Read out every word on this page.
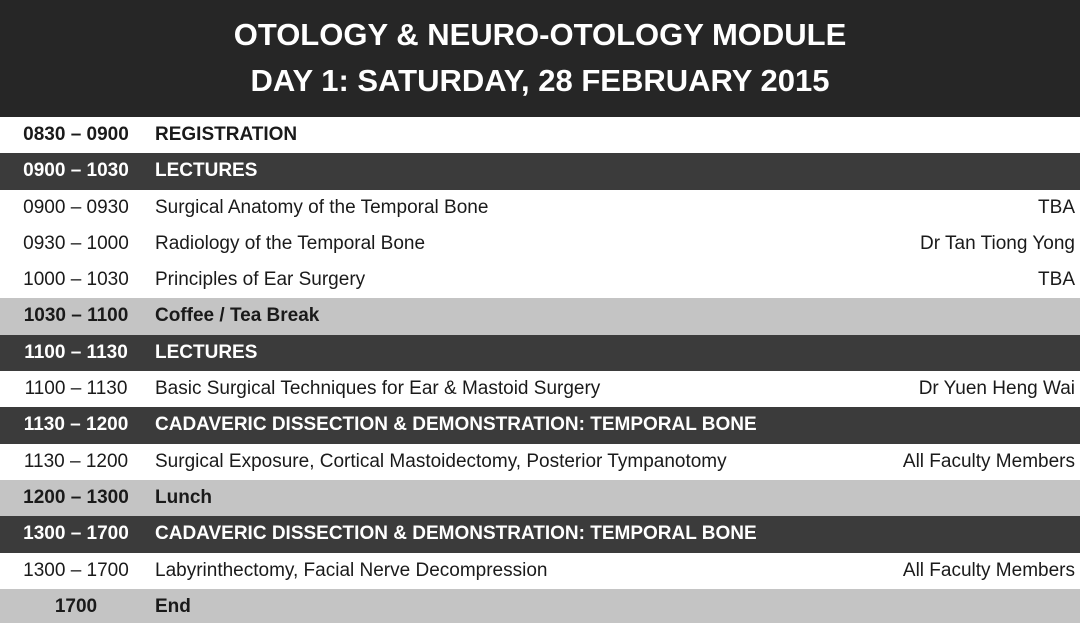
OTOLOGY & NEURO-OTOLOGY MODULE
DAY 1: SATURDAY, 28 FEBRUARY 2015
0830 – 0900	REGISTRATION
0900 – 1030	LECTURES
0900 – 0930	Surgical Anatomy of the Temporal Bone	TBA
0930 – 1000	Radiology of the Temporal Bone	Dr Tan Tiong Yong
1000 – 1030	Principles of Ear Surgery	TBA
1030 – 1100	Coffee / Tea Break
1100 – 1130	LECTURES
1100 – 1130	Basic Surgical Techniques for Ear & Mastoid Surgery	Dr Yuen Heng Wai
1130 – 1200	CADAVERIC DISSECTION & DEMONSTRATION: TEMPORAL BONE
1130 – 1200	Surgical Exposure, Cortical Mastoidectomy, Posterior Tympanotomy	All Faculty Members
1200 – 1300	Lunch
1300 – 1700	CADAVERIC DISSECTION & DEMONSTRATION: TEMPORAL BONE
1300 – 1700	Labyrinthectomy, Facial Nerve Decompression	All Faculty Members
1700	End
